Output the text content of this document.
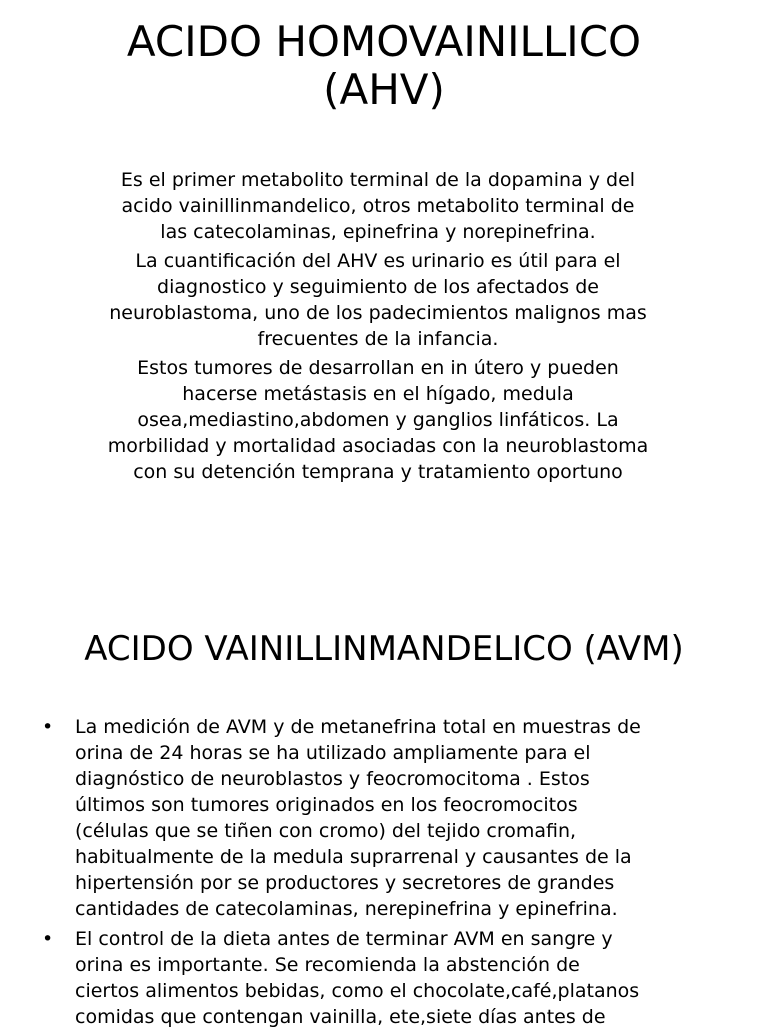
ACIDO HOMOVAINILLICO
(AHV)

Es el primer metabolito terminal de la dopamina y del
acido vainillinmandelico, otros metabolito terminal de
las catecolaminas, epinefrina y norepinefrina.

La cuantificación del AHV es urinario es útil para el
diagnostico y seguimiento de los afectados de
neuroblastoma, uno de los padecimientos malignos mas
frecuentes de la infancia.

Estos tumores de desarrollan en in útero y pueden
hacerse metástasis en el hígado, medula
osea,mediastino,abdomen y ganglios linfáticos. La
morbilidad y mortalidad asociadas con la neuroblastoma
con su detención temprana y tratamiento oportuno

ACIDO VAINILLINMANDELICO (AVM)
• La medición de AVM y de metanefrina total en muestras de
orina de 24 horas se ha utilizado ampliamente para el
diagnóstico de neuroblastos y feocromocitoma . Estos
últimos son tumores originados en los feocromocitos
(células que se tiñen con cromo) del tejido cromafin,
habitualmente de la medula suprarrenal y causantes de la
hipertensión por se productores y secretores de grandes
cantidades de catecolaminas, nerepinefrina y epinefrina.
• El control de la dieta antes de terminar AVM en sangre y
orina es importante. Se recomienda la abstención de
ciertos alimentos bebidas, como el chocolate,café,platanos
comidas que contengan vainilla, ete,siete días antes de
